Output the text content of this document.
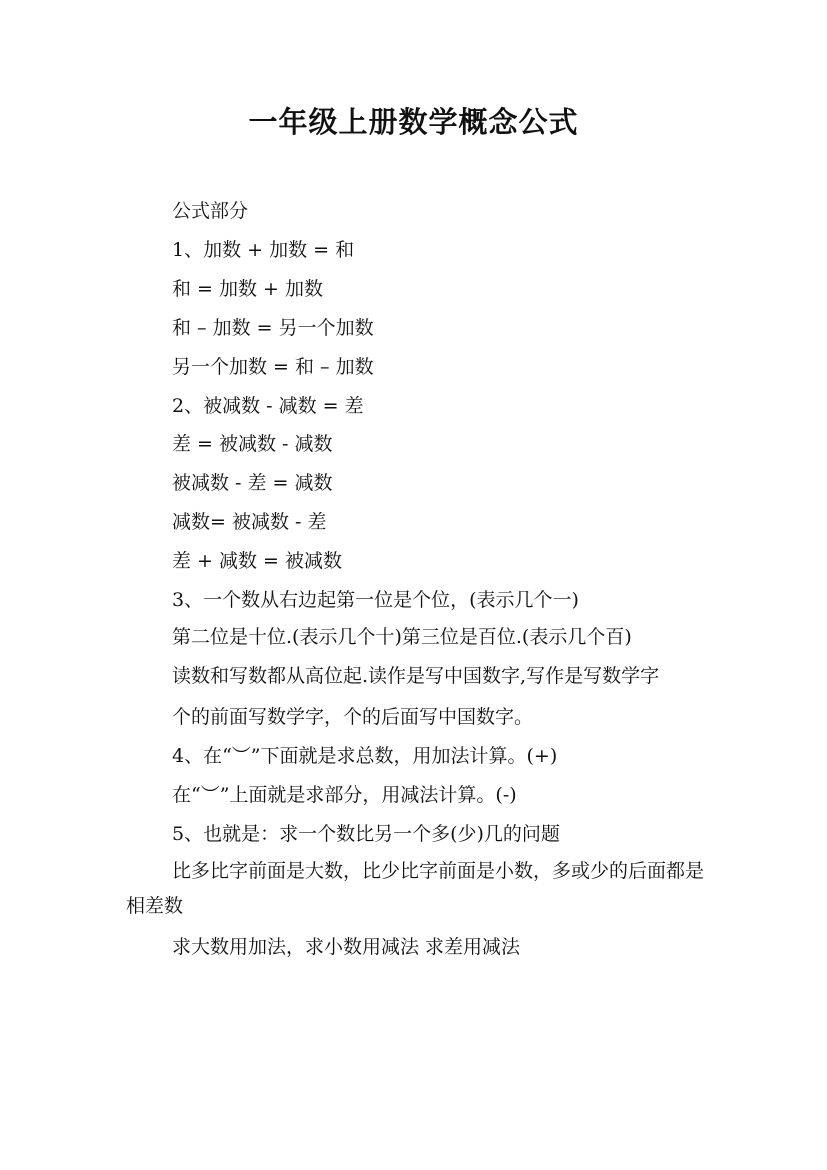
一年级上册数学概念公式

公式部分

1、加数 + 加数 = 和

和 = 加数 + 加数

和 – 加数 = 另一个加数

另一个加数 = 和 – 加数

2、被减数 - 减数 = 差

差 = 被减数 - 减数

被减数 - 差 = 减数

减数= 被减数 - 差

差 + 减数 = 被减数

3、一个数从右边起第一位是个位，(表示几个一)

第二位是十位.(表示几个十)第三位是百位.(表示几个百)

读数和写数都从高位起.读作是写中国数字,写作是写数学字

个的前面写数学字，个的后面写中国数字。

4、在“︶”下面就是求总数，用加法计算。(+)

在“︶”上面就是求部分，用减法计算。(-)

5、也就是：求一个数比另一个多(少)几的问题

比多比字前面是大数，比少比字前面是小数，多或少的后面都是相差数

求大数用加法，求小数用减法 求差用减法
